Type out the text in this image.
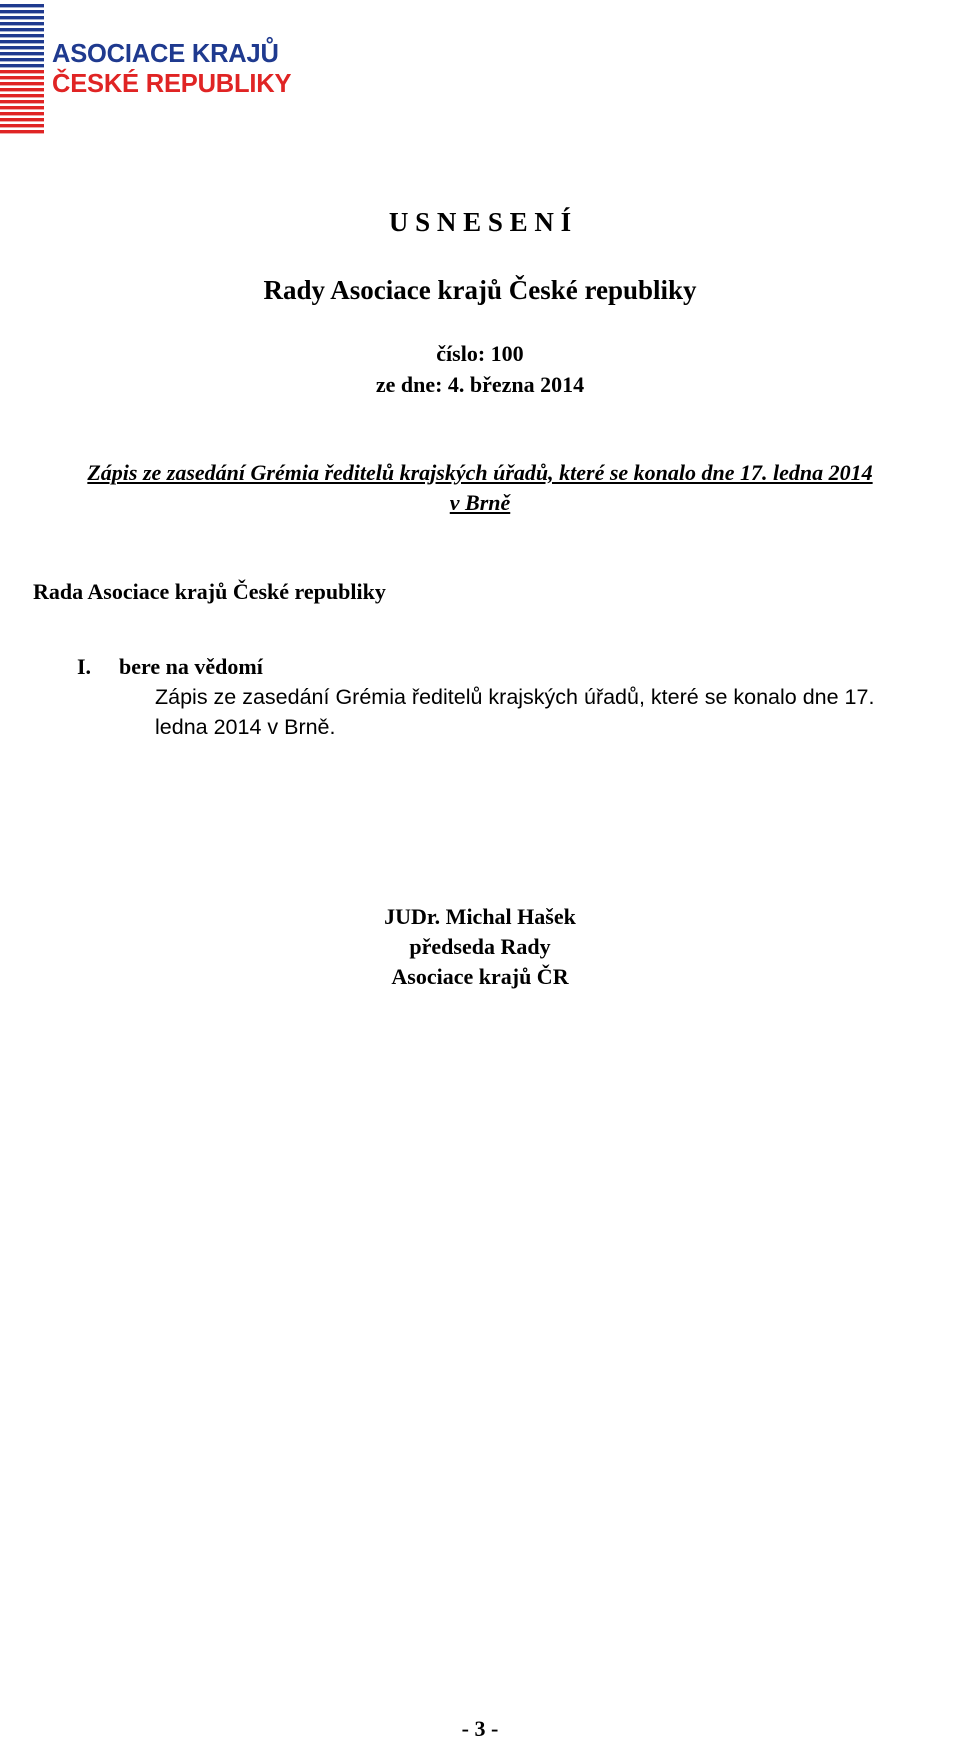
ASOCIACE KRAJŮ
ČESKÉ REPUBLIKY
U S N E S E N Í
Rady Asociace krajů České republiky
číslo: 100
ze dne: 4. března 2014
Zápis ze zasedání Grémia ředitelů krajských úřadů, které se konalo dne 17. ledna 2014
v Brně
Rada Asociace krajů České republiky
I. bere na vědomí
Zápis ze zasedání Grémia ředitelů krajských úřadů, které se konalo dne 17. ledna 2014 v Brně.
JUDr. Michal Hašek
předseda Rady
Asociace krajů ČR
- 3 -
